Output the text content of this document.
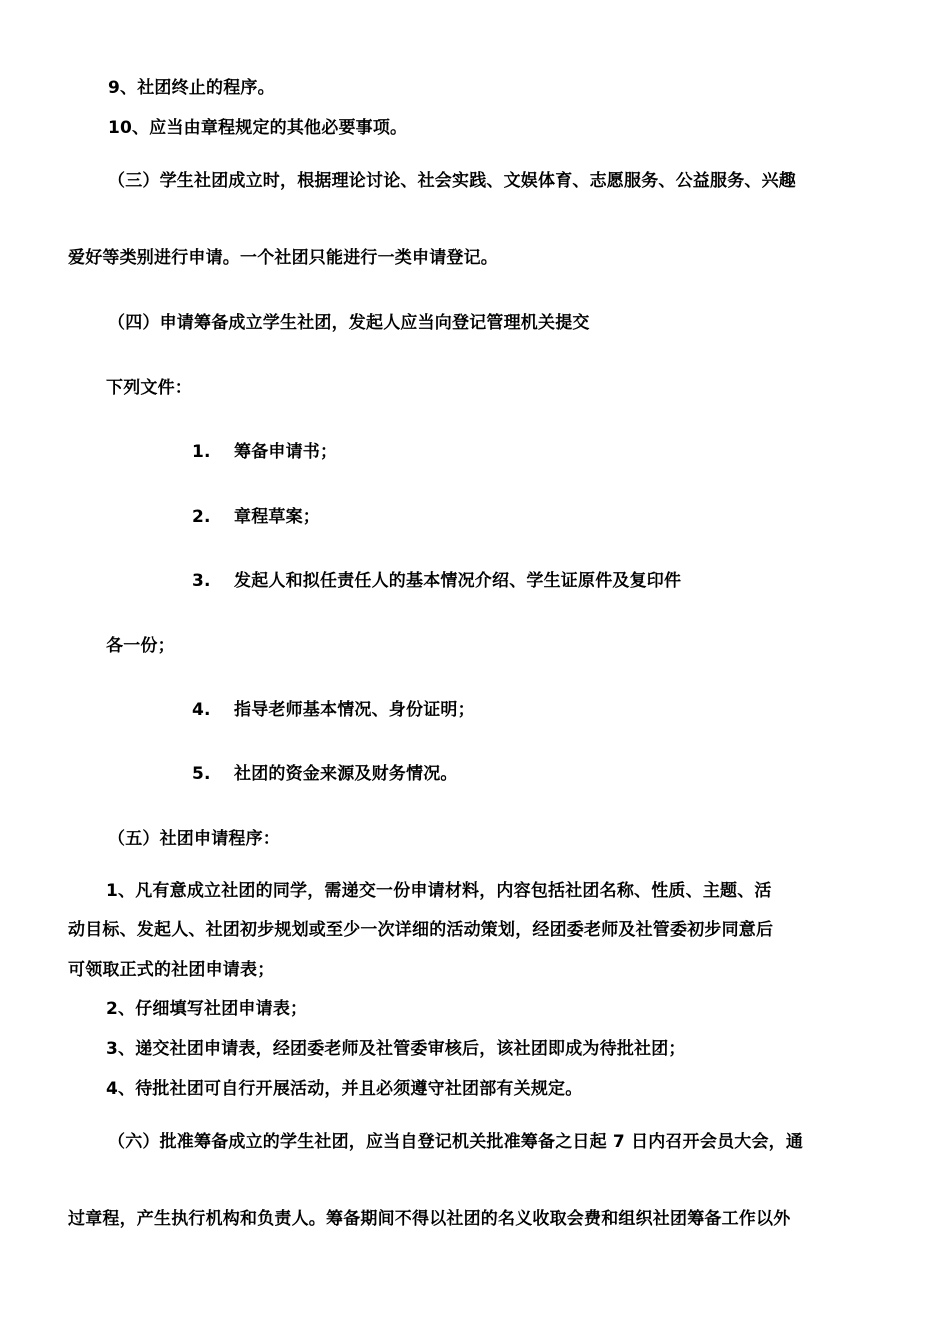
9、社团终止的程序。
10、应当由章程规定的其他必要事项。
（三）学生社团成立时，根据理论讨论、社会实践、文娱体育、志愿服务、公益服务、兴趣
爱好等类别进行申请。一个社团只能进行一类申请登记。
（四）申请筹备成立学生社团，发起人应当向登记管理机关提交
下列文件：
1. 筹备申请书；
2. 章程草案；
3. 发起人和拟任责任人的基本情况介绍、学生证原件及复印件
各一份；
4. 指导老师基本情况、身份证明；
5. 社团的资金来源及财务情况。
（五）社团申请程序：
1、凡有意成立社团的同学，需递交一份申请材料，内容包括社团名称、性质、主题、活
动目标、发起人、社团初步规划或至少一次详细的活动策划，经团委老师及社管委初步同意后
可领取正式的社团申请表；
2、仔细填写社团申请表；
3、递交社团申请表，经团委老师及社管委审核后，该社团即成为待批社团；
4、待批社团可自行开展活动，并且必须遵守社团部有关规定。
（六）批准筹备成立的学生社团，应当自登记机关批准筹备之日起 7 日内召开会员大会，通
过章程，产生执行机构和负责人。筹备期间不得以社团的名义收取会费和组织社团筹备工作以外
